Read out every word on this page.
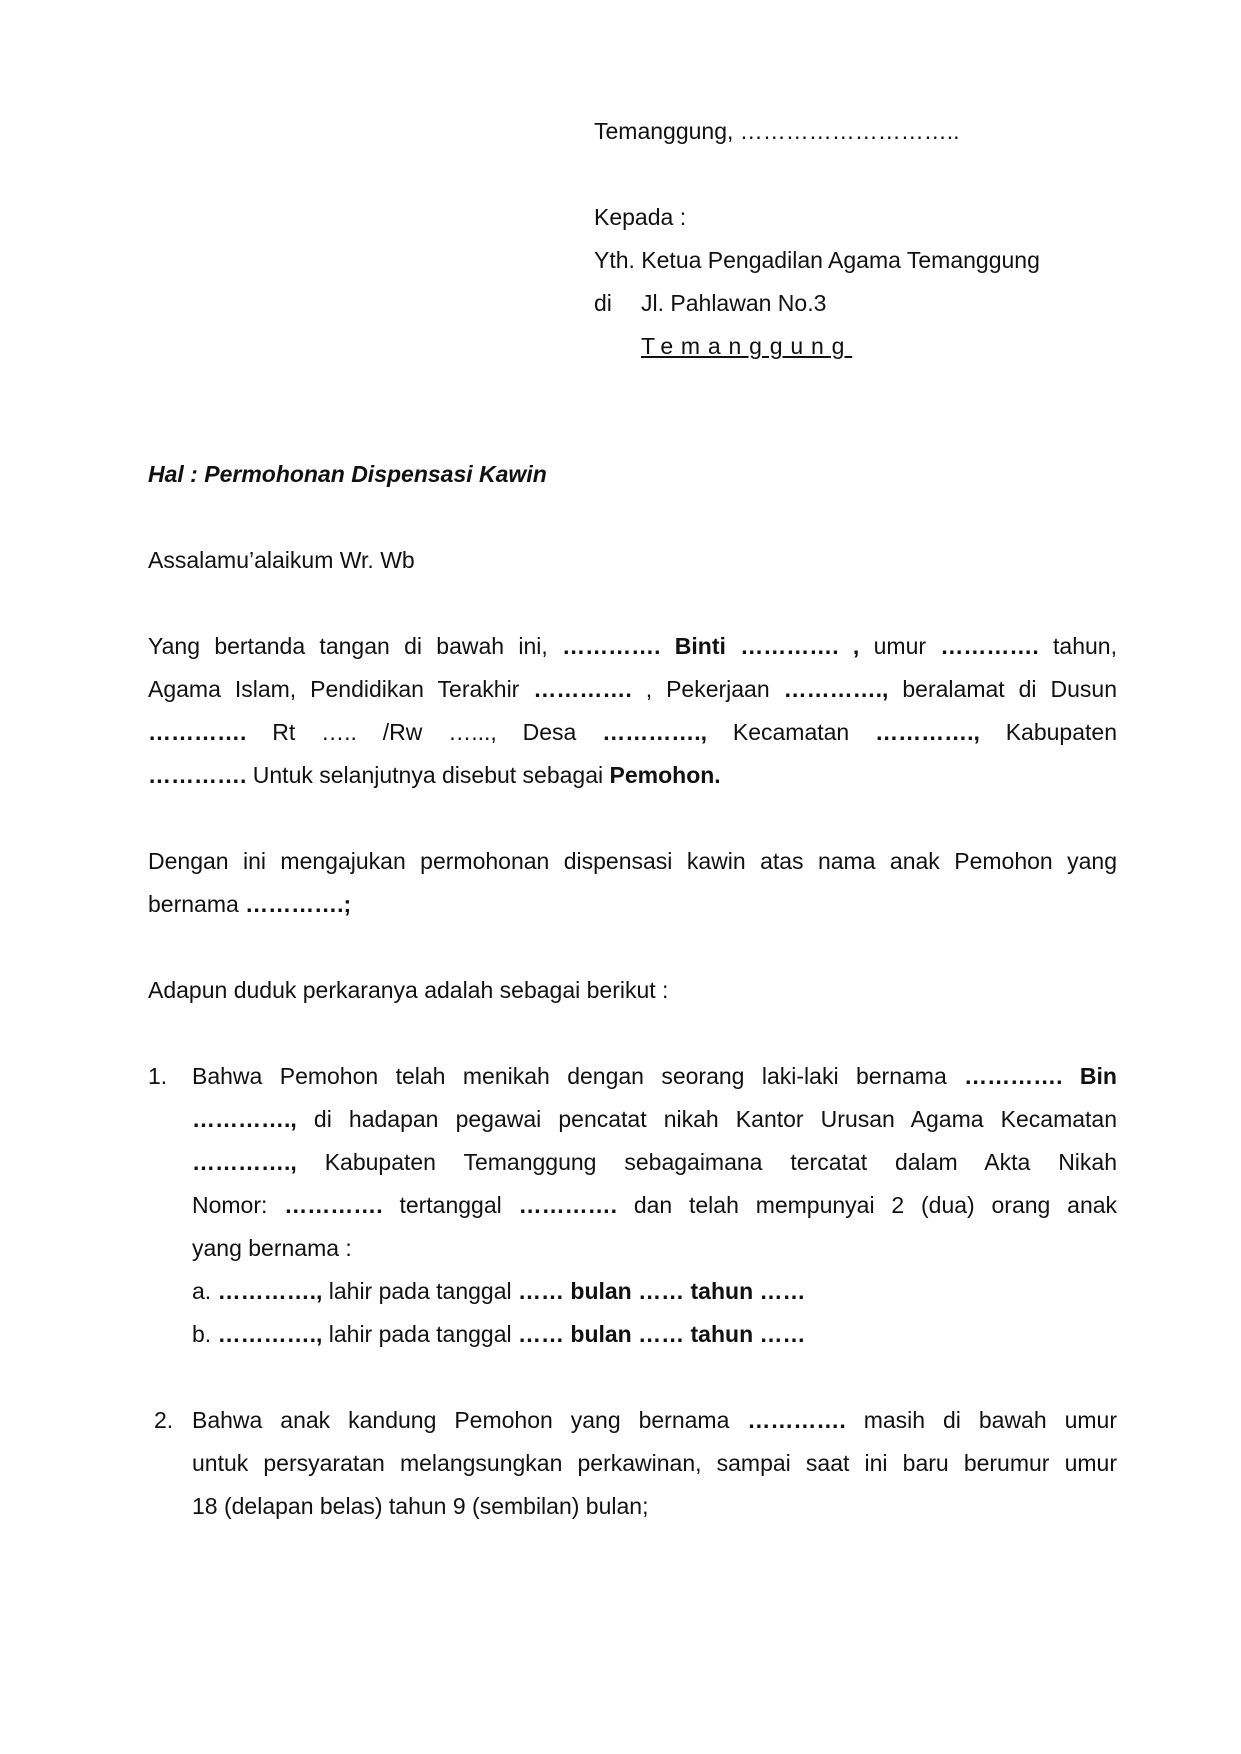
Temanggung, ………………………..
Kepada :
Yth. Ketua Pengadilan Agama Temanggung
di Jl. Pahlawan No.3
Temanggung
Hal : Permohonan Dispensasi Kawin
Assalamu’alaikum Wr. Wb
Yang bertanda tangan di bawah ini, …………. Binti …………. , umur …………. tahun,
Agama Islam, Pendidikan Terakhir …………. , Pekerjaan …………., beralamat di Dusun
…………. Rt ….. /Rw …..., Desa …………., Kecamatan …………., Kabupaten
…………. Untuk selanjutnya disebut sebagai Pemohon.
Dengan ini mengajukan permohonan dispensasi kawin atas nama anak Pemohon yang
bernama ………….;
Adapun duduk perkaranya adalah sebagai berikut :
1. Bahwa Pemohon telah menikah dengan seorang laki-laki bernama …………. Bin
…………., di hadapan pegawai pencatat nikah Kantor Urusan Agama Kecamatan
…………., Kabupaten Temanggung sebagaimana tercatat dalam Akta Nikah
Nomor: …………. tertanggal …………. dan telah mempunyai 2 (dua) orang anak
yang bernama :
a. …………., lahir pada tanggal …… bulan …… tahun ……
b. …………., lahir pada tanggal …… bulan …… tahun ……
2. Bahwa anak kandung Pemohon yang bernama …………. masih di bawah umur
untuk persyaratan melangsungkan perkawinan, sampai saat ini baru berumur umur
18 (delapan belas) tahun 9 (sembilan) bulan;
